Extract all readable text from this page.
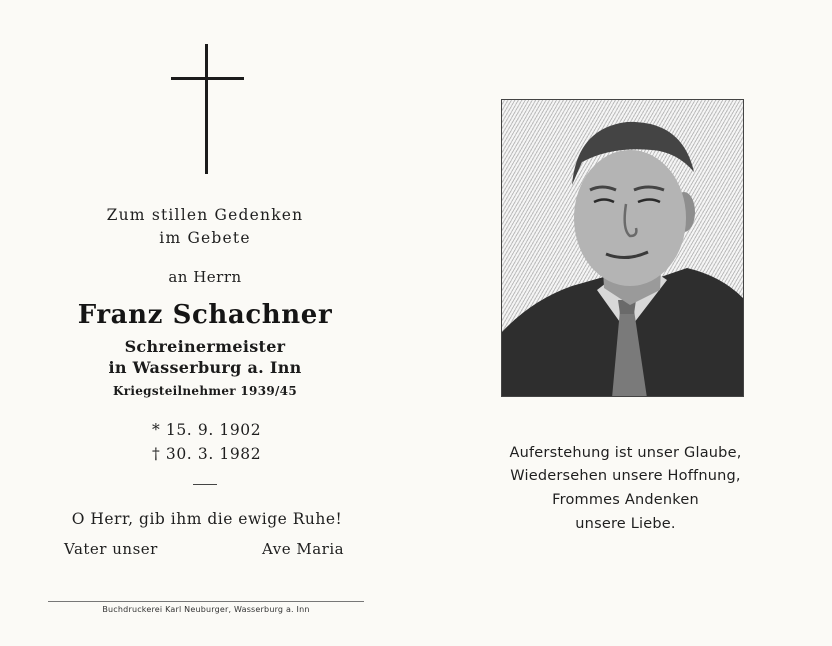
Zum stillen Gedenken
im Gebete
an Herrn
Franz Schachner
Schreinermeister
in Wasserburg a. Inn
Kriegsteilnehmer 1939/45
* 15. 9. 1902
† 30. 3. 1982
O Herr, gib ihm die ewige Ruhe!
Vater unser	Ave Maria
Buchdruckerei Karl Neuburger, Wasserburg a. Inn
Auferstehung ist unser Glaube,
Wiedersehen unsere Hoffnung,
Frommes Andenken
unsere Liebe.
